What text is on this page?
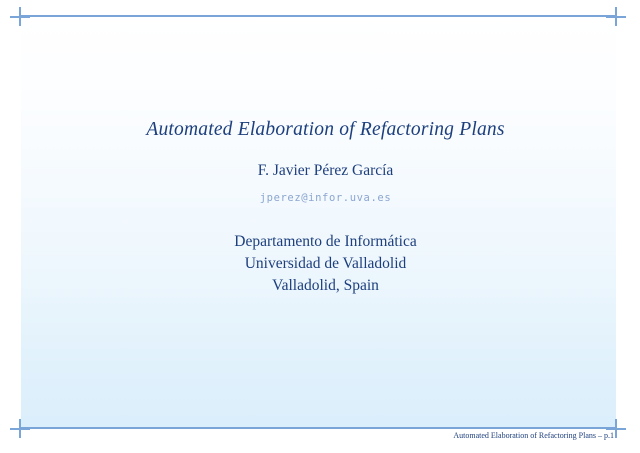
Automated Elaboration of Refactoring Plans
F. Javier Pérez García
jperez@infor.uva.es
Departamento de Informática
Universidad de Valladolid
Valladolid, Spain
Automated Elaboration of Refactoring Plans – p.1
